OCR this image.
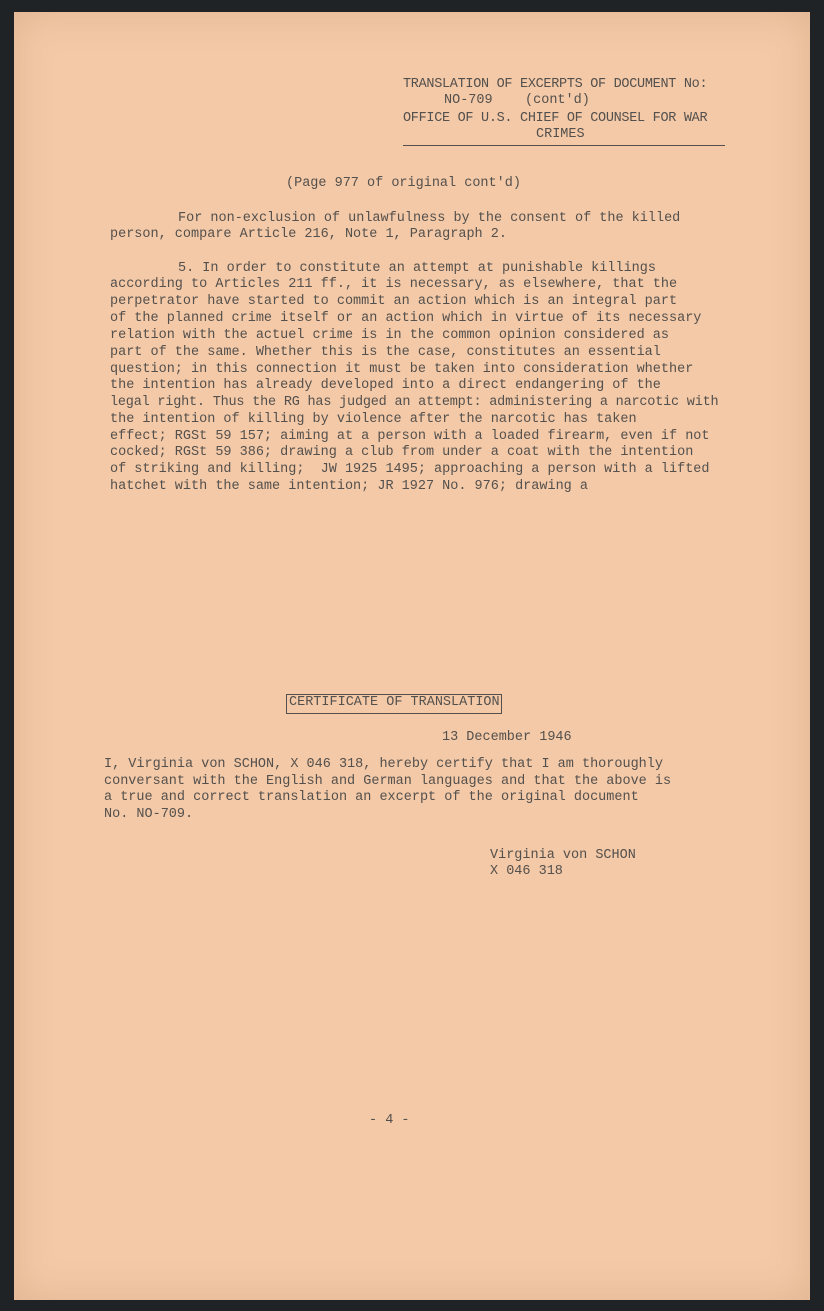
TRANSLATION OF EXCERPTS OF DOCUMENT No:
NO-709    (cont'd)
OFFICE OF U.S. CHIEF OF COUNSEL FOR WAR
CRIMES
(Page 977 of original cont'd)
For non-exclusion of unlawfulness by the consent of the killed
person, compare Article 216, Note 1, Paragraph 2.
5. In order to constitute an attempt at punishable killings
according to Articles 211 ff., it is necessary, as elsewhere, that the
perpetrator have started to commit an action which is an integral part
of the planned crime itself or an action which in virtue of its necessary
relation with the actuel crime is in the common opinion considered as
part of the same. Whether this is the case, constitutes an essential
question; in this connection it must be taken into consideration whether
the intention has already developed into a direct endangering of the
legal right. Thus the RG has judged an attempt: administering a narcotic with
the intention of killing by violence after the narcotic has taken
effect; RGSt 59 157; aiming at a person with a loaded firearm, even if not
cocked; RGSt 59 386; drawing a club from under a coat with the intention
of striking and killing;  JW 1925 1495; approaching a person with a lifted
hatchet with the same intention; JR 1927 No. 976; drawing a
CERTIFICATE OF TRANSLATION
13 December 1946
I, Virginia von SCHON, X 046 318, hereby certify that I am thoroughly
conversant with the English and German languages and that the above is
a true and correct translation an excerpt of the original document
No. NO-709.
Virginia von SCHON
X 046 318
- 4 -
